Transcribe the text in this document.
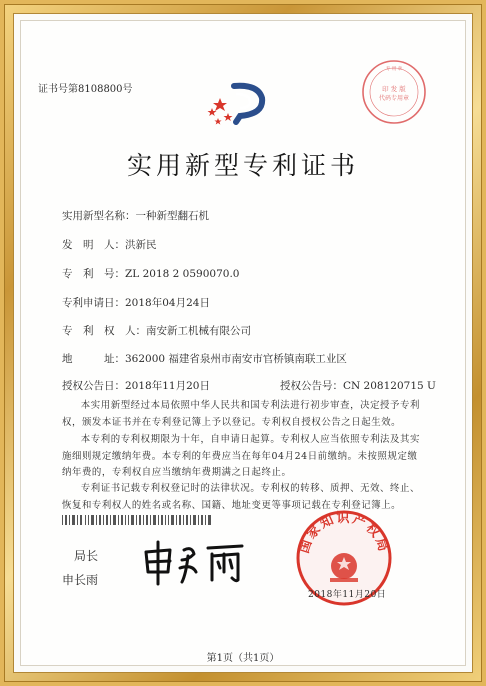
证书号第8108800号	印 发 版
代码专用章
专 用 章
实用新型专利证书
实用新型名称：一种新型翻石机
发　明　人：洪新民
专　利　号：ZL 2018 2 0590070.0
专利申请日：2018年04月24日
专　利　权　人：南安新工机械有限公司
地　　　址：362000 福建省泉州市南安市官桥镇南联工业区
授权公告日：2018年11月20日	授权公告号：CN 208120715 U
本实用新型经过本局依照中华人民共和国专利法进行初步审查，决定授予专利权，颁发本证书并在专利登记簿上予以登记。专利权自授权公告之日起生效。
本专利的专利权期限为十年，自申请日起算。专利权人应当依照专利法及其实施细则规定缴纳年费。本专利的年费应当在每年04月24日前缴纳。未按照规定缴纳年费的，专利权自应当缴纳年费期满之日起终止。
专利证书记载专利权登记时的法律状况。专利权的转移、质押、无效、终止、恢复和专利权人的姓名或名称、国籍、地址变更等事项记载在专利登记簿上。
局长
申长雨
国家知识产权局
2018年11月20日
第1页（共1页）
